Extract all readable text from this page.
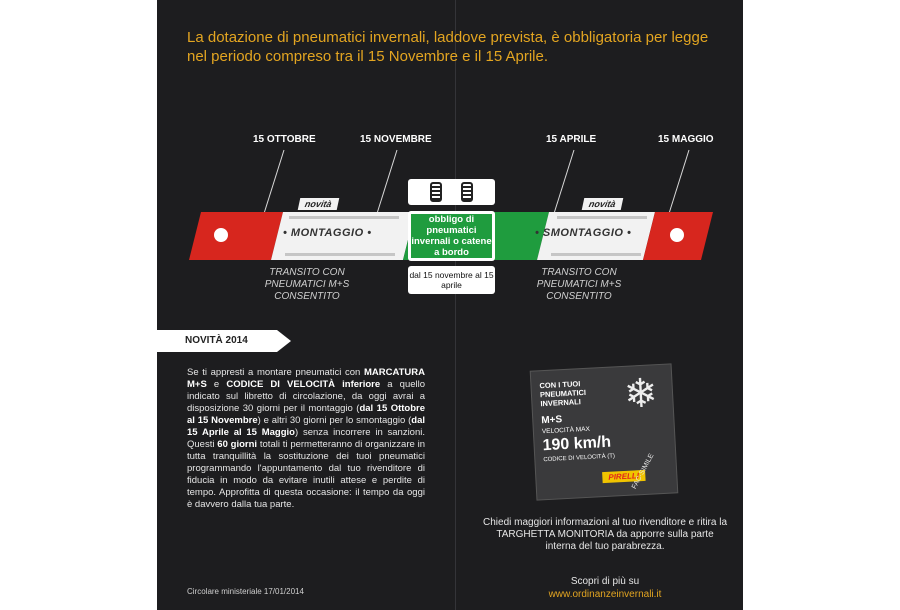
La dotazione di pneumatici invernali, laddove prevista, è obbligatoria per legge nel periodo compreso tra il 15 Novembre e il 15 Aprile.
15 OTTOBRE	15 NOVEMBRE	15 APRILE	15 MAGGIO
novità	novità
• MONTAGGIO •	• SMONTAGGIO •
obbligo di pneumatici invernali o catene a bordo
dal 15 novembre al 15 aprile
TRANSITO CON PNEUMATICI M+S CONSENTITO
TRANSITO CON PNEUMATICI M+S CONSENTITO
NOVITÀ 2014
Se ti appresti a montare pneumatici con MARCATURA M+S e CODICE DI VELOCITÀ inferiore a quello indicato sul libretto di circolazione, da oggi avrai a disposizione 30 giorni per il montaggio (dal 15 Ottobre al 15 Novembre) e altri 30 giorni per lo smontaggio (dal 15 Aprile al 15 Maggio) senza incorrere in sanzioni. Questi 60 giorni totali ti permetteranno di organizzare in tutta tranquillità la sostituzione dei tuoi pneumatici programmando l'appuntamento dal tuo rivenditore di fiducia in modo da evitare inutili attese e perdite di tempo. Approfitta di questa occasione: il tempo da oggi è davvero dalla tua parte.
Circolare ministeriale 17/01/2014
CON I TUOI PNEUMATICI INVERNALI
M+S
VELOCITÀ MAX
190 km/h
CODICE DI VELOCITÀ (T)
❄
PIRELLI
FAC-SIMILE
Chiedi maggiori informazioni al tuo rivenditore e ritira la TARGHETTA MONITORIA da apporre sulla parte interna del tuo parabrezza.
Scopri di più su
www.ordinanzeinvernali.it
